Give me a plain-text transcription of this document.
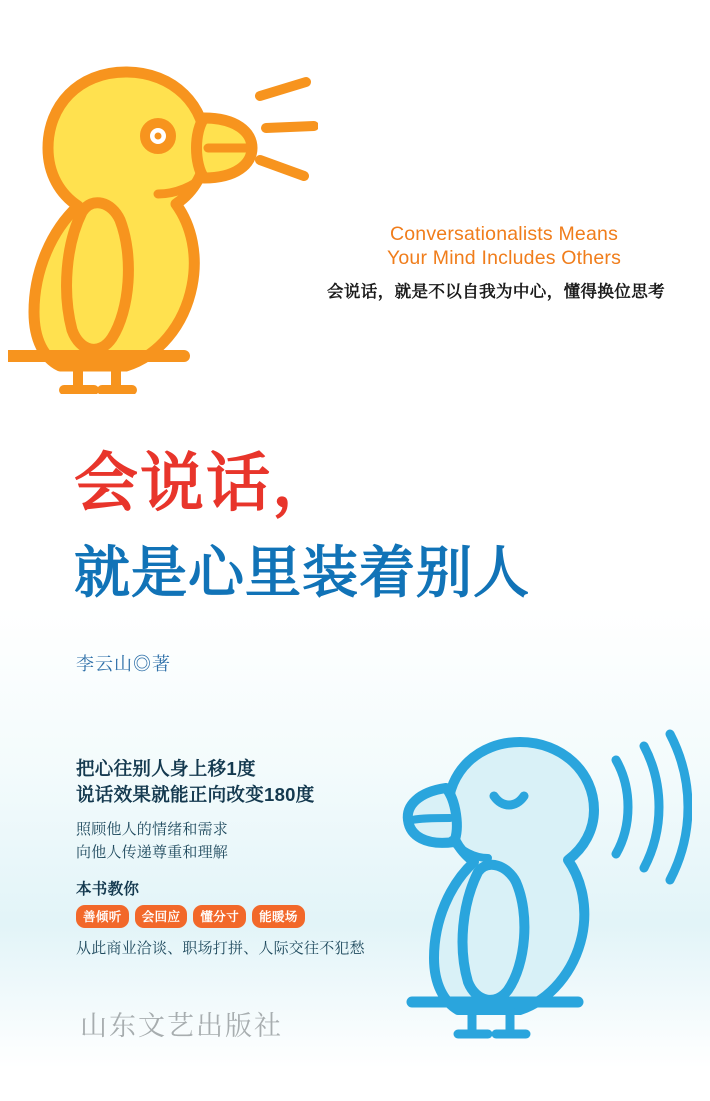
Conversationalists Means
Your Mind Includes Others
会说话，就是不以自我为中心，懂得换位思考
会说话，
就是心里装着别人
李云山◎著
把心往别人身上移1度
说话效果就能正向改变180度
照顾他人的情绪和需求
向他人传递尊重和理解
本书教你
善倾听	会回应	懂分寸	能暖场
从此商业洽谈、职场打拼、人际交往不犯愁
山东文艺出版社
